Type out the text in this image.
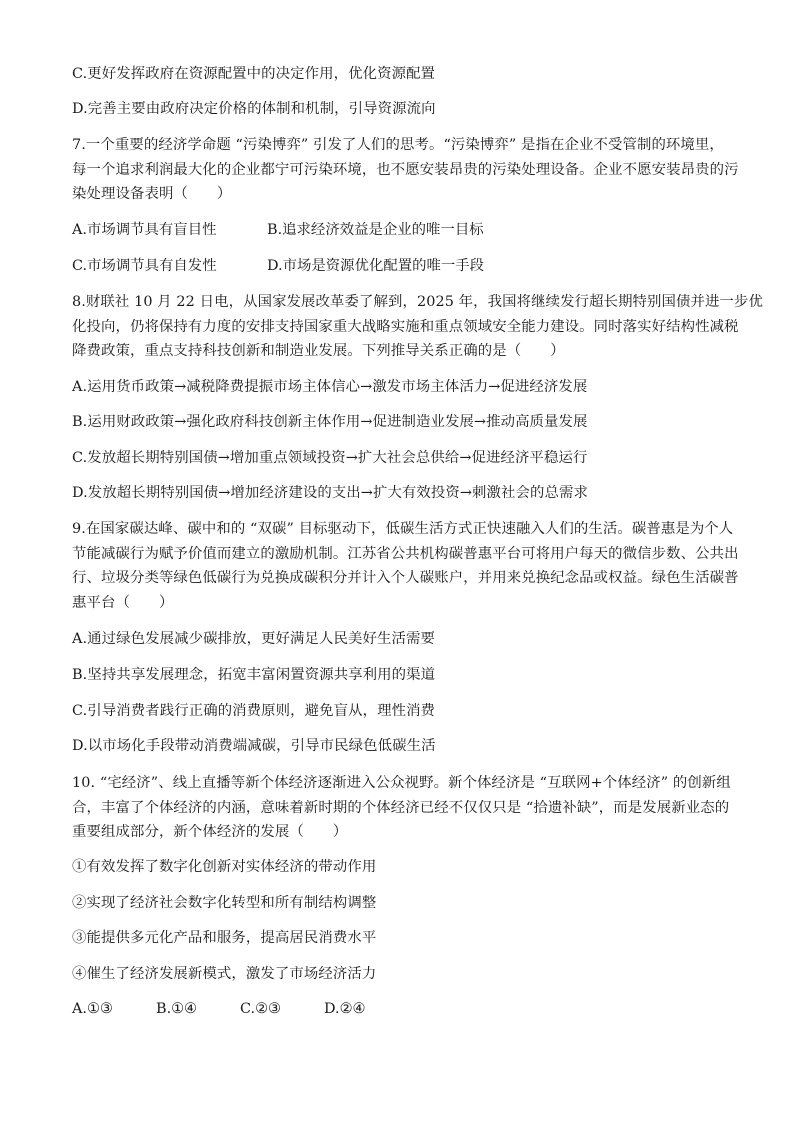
C.更好发挥政府在资源配置中的决定作用，优化资源配置
D.完善主要由政府决定价格的体制和机制，引导资源流向
7.一个重要的经济学命题 “污染博弈” 引发了人们的思考。“污染博弈” 是指在企业不受管制的环境里，
每一个追求利润最大化的企业都宁可污染环境，也不愿安装昂贵的污染处理设备。企业不愿安装昂贵的污
染处理设备表明（　　）
A.市场调节具有盲目性	B.追求经济效益是企业的唯一目标
C.市场调节具有自发性	D.市场是资源优化配置的唯一手段
8.财联社 10 月 22 日电，从国家发展改革委了解到，2025 年，我国将继续发行超长期特别国债并进一步优
化投向，仍将保持有力度的安排支持国家重大战略实施和重点领域安全能力建设。同时落实好结构性减税
降费政策，重点支持科技创新和制造业发展。下列推导关系正确的是（　　）
A.运用货币政策→减税降费提振市场主体信心→激发市场主体活力→促进经济发展
B.运用财政政策→强化政府科技创新主体作用→促进制造业发展→推动高质量发展
C.发放超长期特别国债→增加重点领域投资→扩大社会总供给→促进经济平稳运行
D.发放超长期特别国债→增加经济建设的支出→扩大有效投资→刺激社会的总需求
9.在国家碳达峰、碳中和的 “双碳” 目标驱动下，低碳生活方式正快速融入人们的生活。碳普惠是为个人
节能减碳行为赋予价值而建立的激励机制。江苏省公共机构碳普惠平台可将用户每天的微信步数、公共出
行、垃圾分类等绿色低碳行为兑换成碳积分并计入个人碳账户，并用来兑换纪念品或权益。绿色生活碳普
惠平台（　　）
A.通过绿色发展减少碳排放，更好满足人民美好生活需要
B.坚持共享发展理念，拓宽丰富闲置资源共享利用的渠道
C.引导消费者践行正确的消费原则，避免盲从，理性消费
D.以市场化手段带动消费端减碳，引导市民绿色低碳生活
10. “宅经济”、线上直播等新个体经济逐渐进入公众视野。新个体经济是 “互联网+个体经济” 的创新组
合，丰富了个体经济的内涵，意味着新时期的个体经济已经不仅仅只是 “拾遗补缺”，而是发展新业态的
重要组成部分，新个体经济的发展（　　）
①有效发挥了数字化创新对实体经济的带动作用
②实现了经济社会数字化转型和所有制结构调整
③能提供多元化产品和服务，提高居民消费水平
④催生了经济发展新模式，激发了市场经济活力
A.①③	B.①④	C.②③	D.②④
